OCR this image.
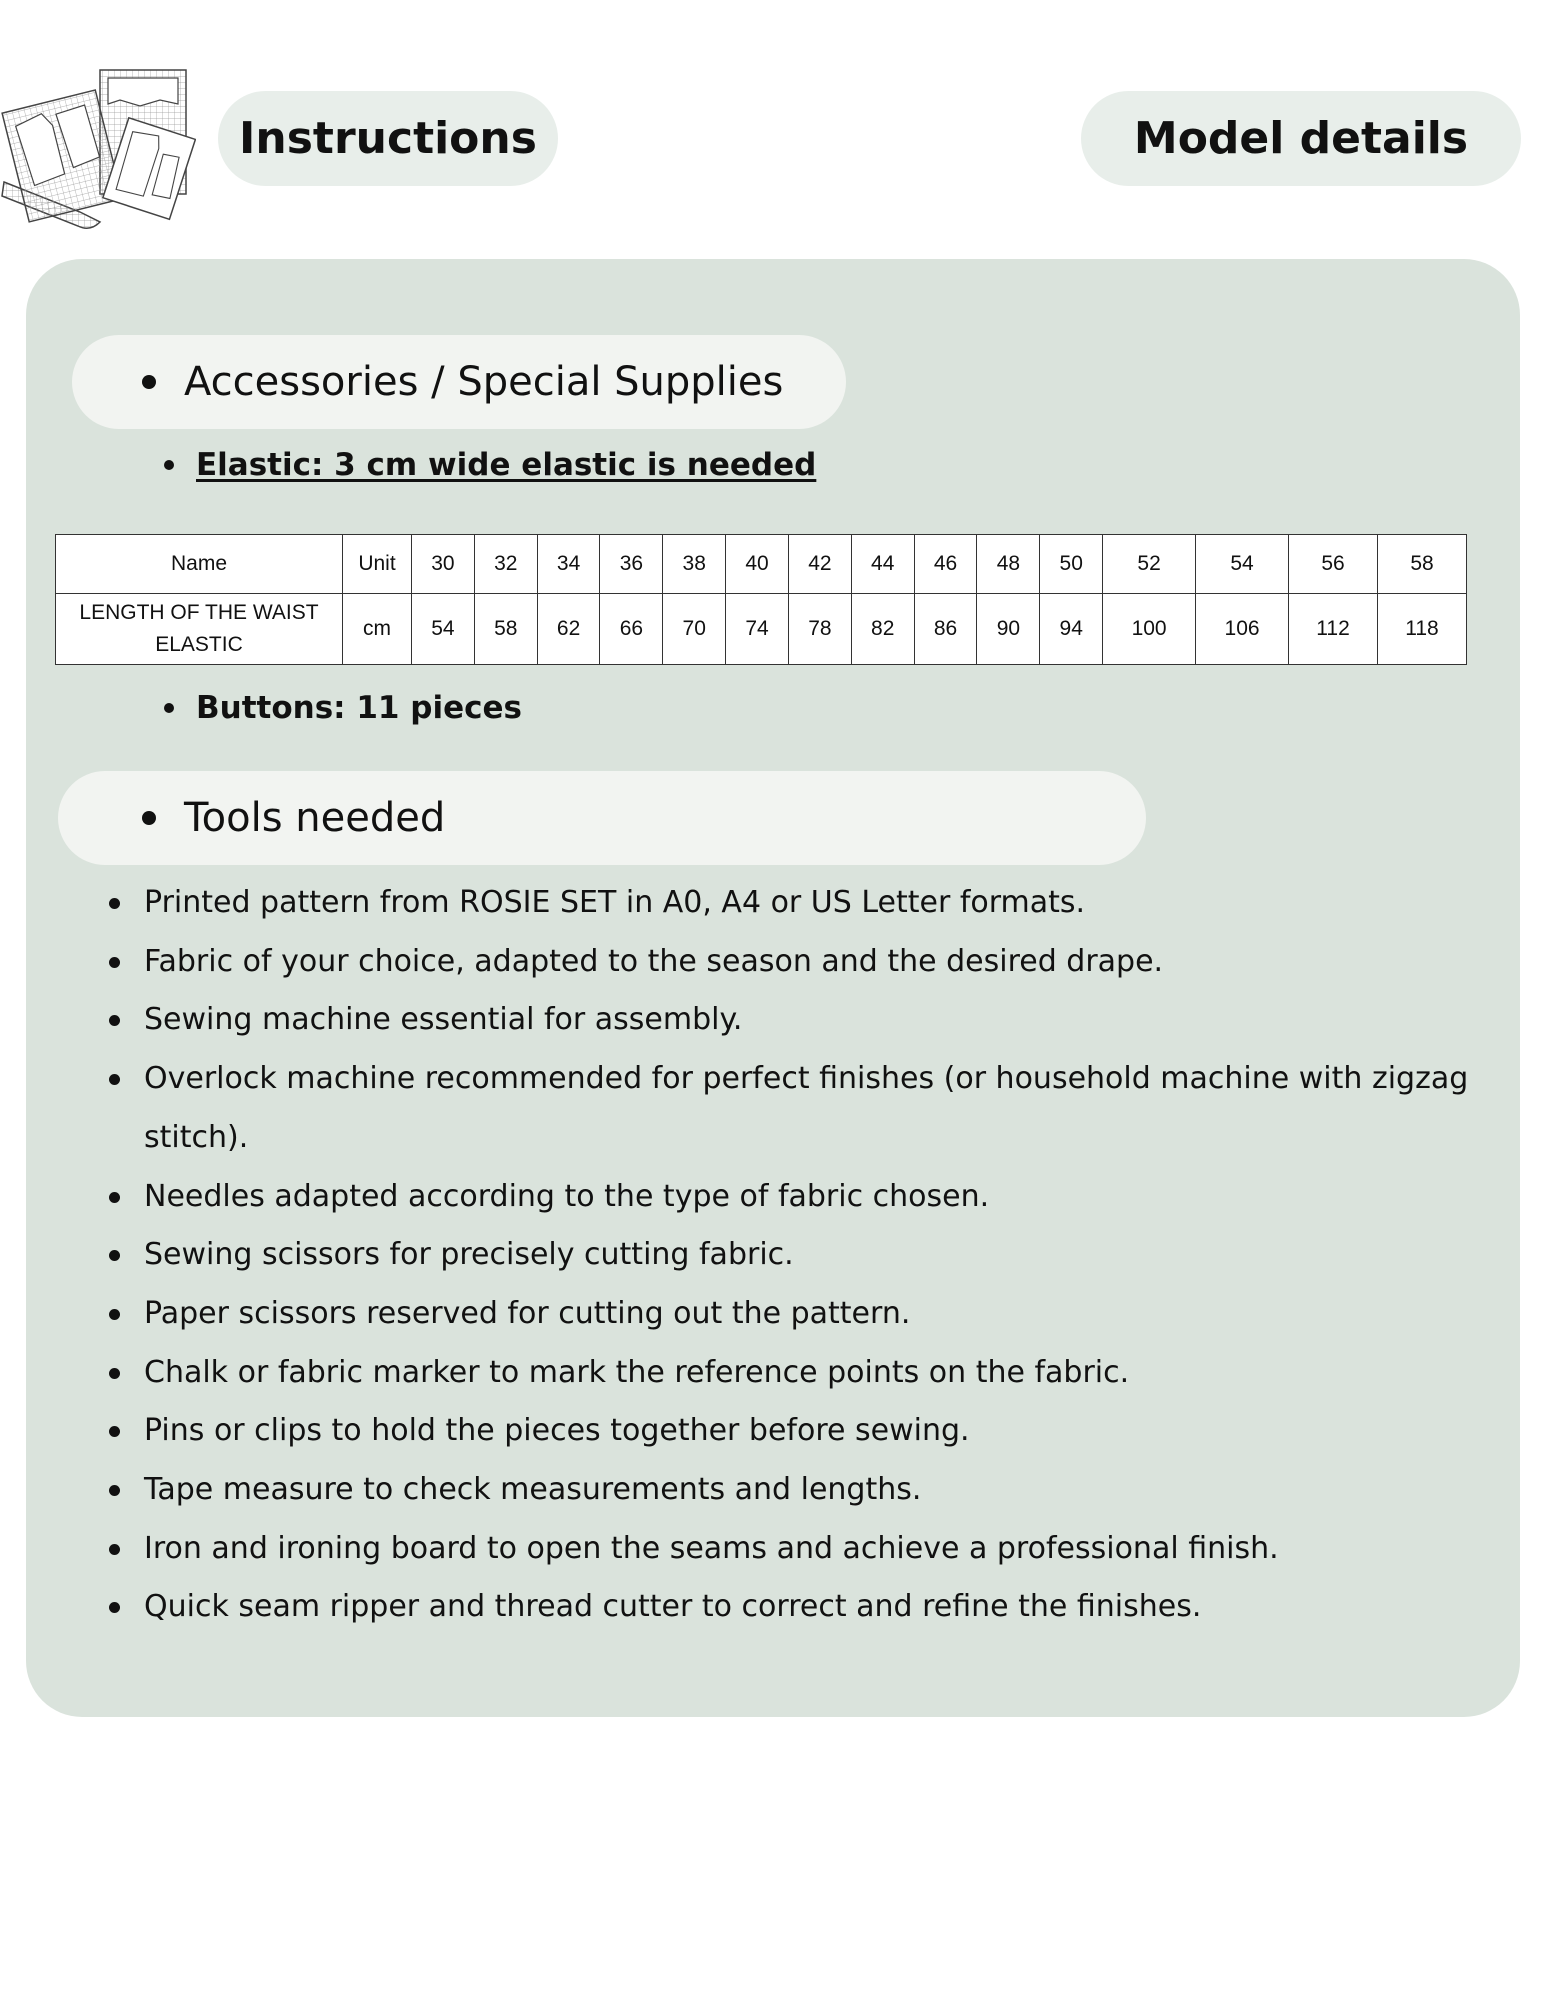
Instructions	Model details
Accessories / Special Supplies
Elastic: 3 cm wide elastic is needed
Name	Unit	30	32	34	36	38	40	42	44	46	48	50	52	54	56	58
LENGTH OF THE WAIST ELASTIC	cm	54	58	62	66	70	74	78	82	86	90	94	100	106	112	118
Buttons: 11 pieces
Tools needed
Printed pattern from ROSIE SET in A0, A4 or US Letter formats.
Fabric of your choice, adapted to the season and the desired drape.
Sewing machine essential for assembly.
Overlock machine recommended for perfect finishes (or household machine with zigzag stitch).
Needles adapted according to the type of fabric chosen.
Sewing scissors for precisely cutting fabric.
Paper scissors reserved for cutting out the pattern.
Chalk or fabric marker to mark the reference points on the fabric.
Pins or clips to hold the pieces together before sewing.
Tape measure to check measurements and lengths.
Iron and ironing board to open the seams and achieve a professional finish.
Quick seam ripper and thread cutter to correct and refine the finishes.
